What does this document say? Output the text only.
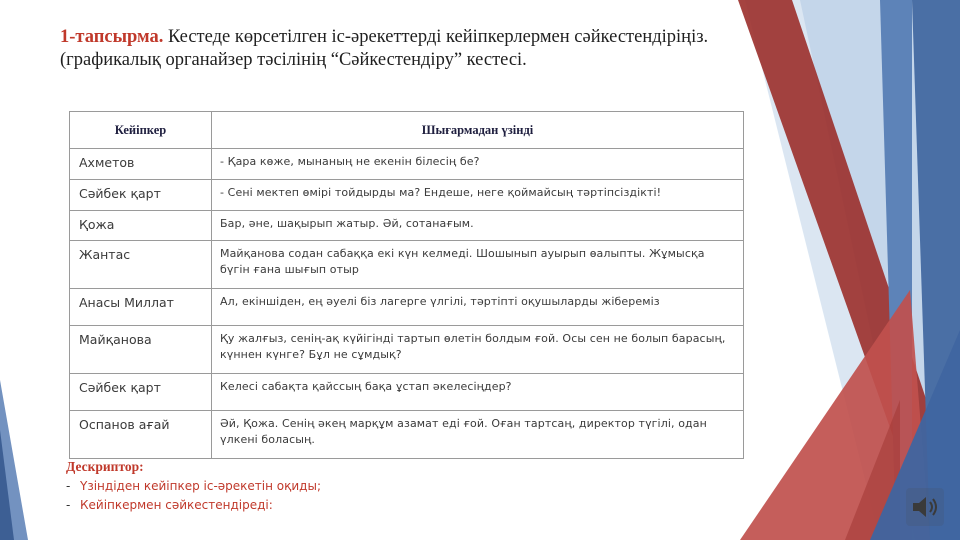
1-тапсырма. Кестеде көрсетілген іс-әрекеттерді кейіпкерлермен сәйкестендіріңіз. (графикалық органайзер тәсілінің “Сәйкестендіру” кестесі.
Кейіпкер	Шығармадан үзінді
Ахметов	- Қара көже, мынаның не екенін білесің бе?
Сәйбек қарт	- Сені мектеп өмірі тойдырды ма? Ендеше, неге қоймайсың тәртіпсіздікті!
Қожа	Бар, әне, шақырып жатыр. Әй, сотанағым.
Жантас	Майқанова содан сабаққа екі күн келмеді. Шошынып ауырып өалыпты. Жұмысқа бүгін ғана шығып отыр
Анасы Миллат	Ал, екіншіден, ең әуелі біз лагерге үлгілі, тәртіпті оқушыларды жібереміз
Майқанова	Қу жалғыз, сенің-ақ күйігінді тартып өлетін болдым ғой. Осы сен не болып барасың, күннен күнге? Бұл не сұмдық?
Сәйбек қарт	Келесі сабақта қайссың бақа ұстап әкелесіңдер?
Оспанов ағай	Әй, Қожа. Сенің әкең марқұм азамат еді ғой. Оған тартсаң, директор түгілі, одан үлкені боласың.
Дескриптор:
- Үзіндіден кейіпкер іс-әрекетін оқиды;
- Кейіпкермен сәйкестендіреді:
